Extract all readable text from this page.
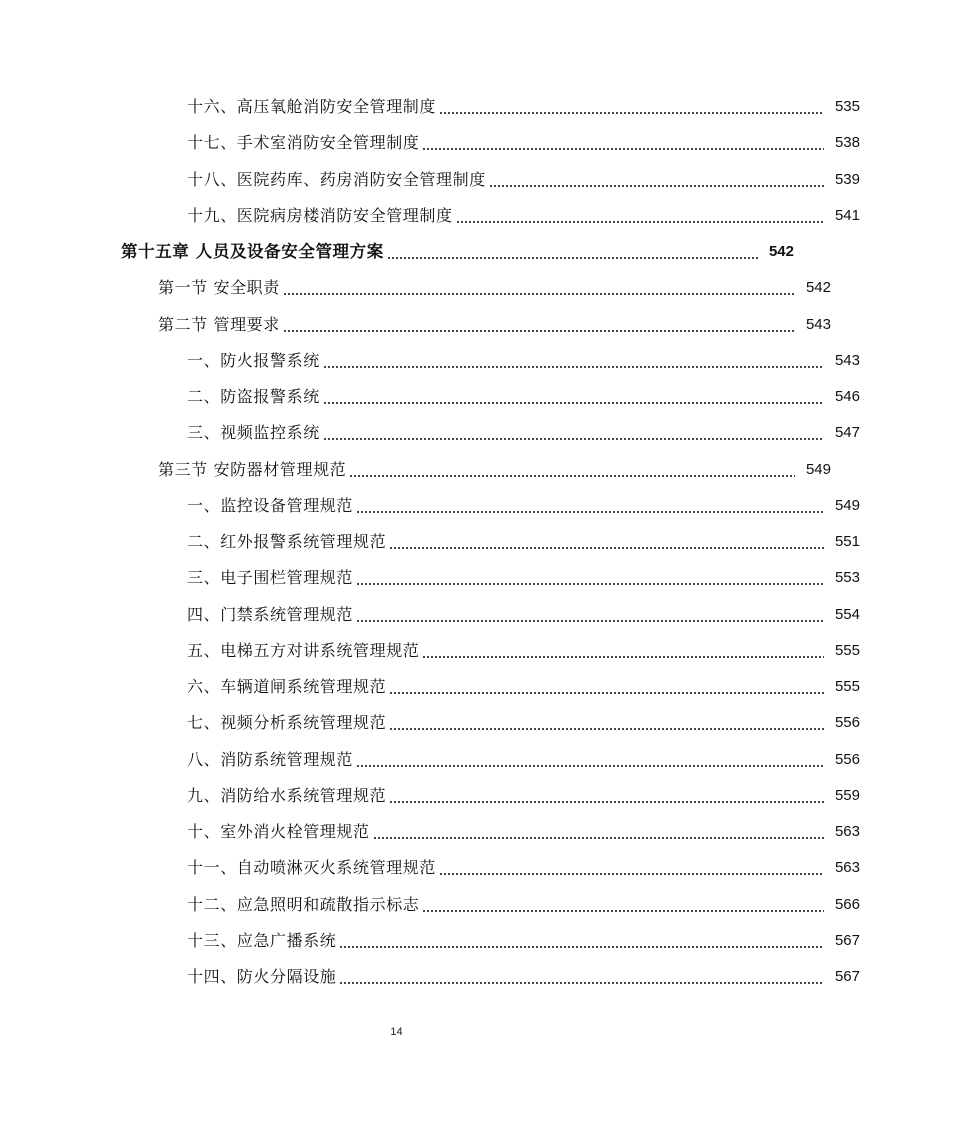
十六、高压氧舱消防安全管理制度	535
十七、手术室消防安全管理制度	538
十八、医院药库、药房消防安全管理制度	539
十九、医院病房楼消防安全管理制度	541
第十五章 人员及设备安全管理方案	542
第一节 安全职责	542
第二节 管理要求	543
一、防火报警系统	543
二、防盗报警系统	546
三、视频监控系统	547
第三节 安防器材管理规范	549
一、监控设备管理规范	549
二、红外报警系统管理规范	551
三、电子围栏管理规范	553
四、门禁系统管理规范	554
五、电梯五方对讲系统管理规范	555
六、车辆道闸系统管理规范	555
七、视频分析系统管理规范	556
八、消防系统管理规范	556
九、消防给水系统管理规范	559
十、室外消火栓管理规范	563
十一、自动喷淋灭火系统管理规范	563
十二、应急照明和疏散指示标志	566
十三、应急广播系统	567
十四、防火分隔设施	567
14
